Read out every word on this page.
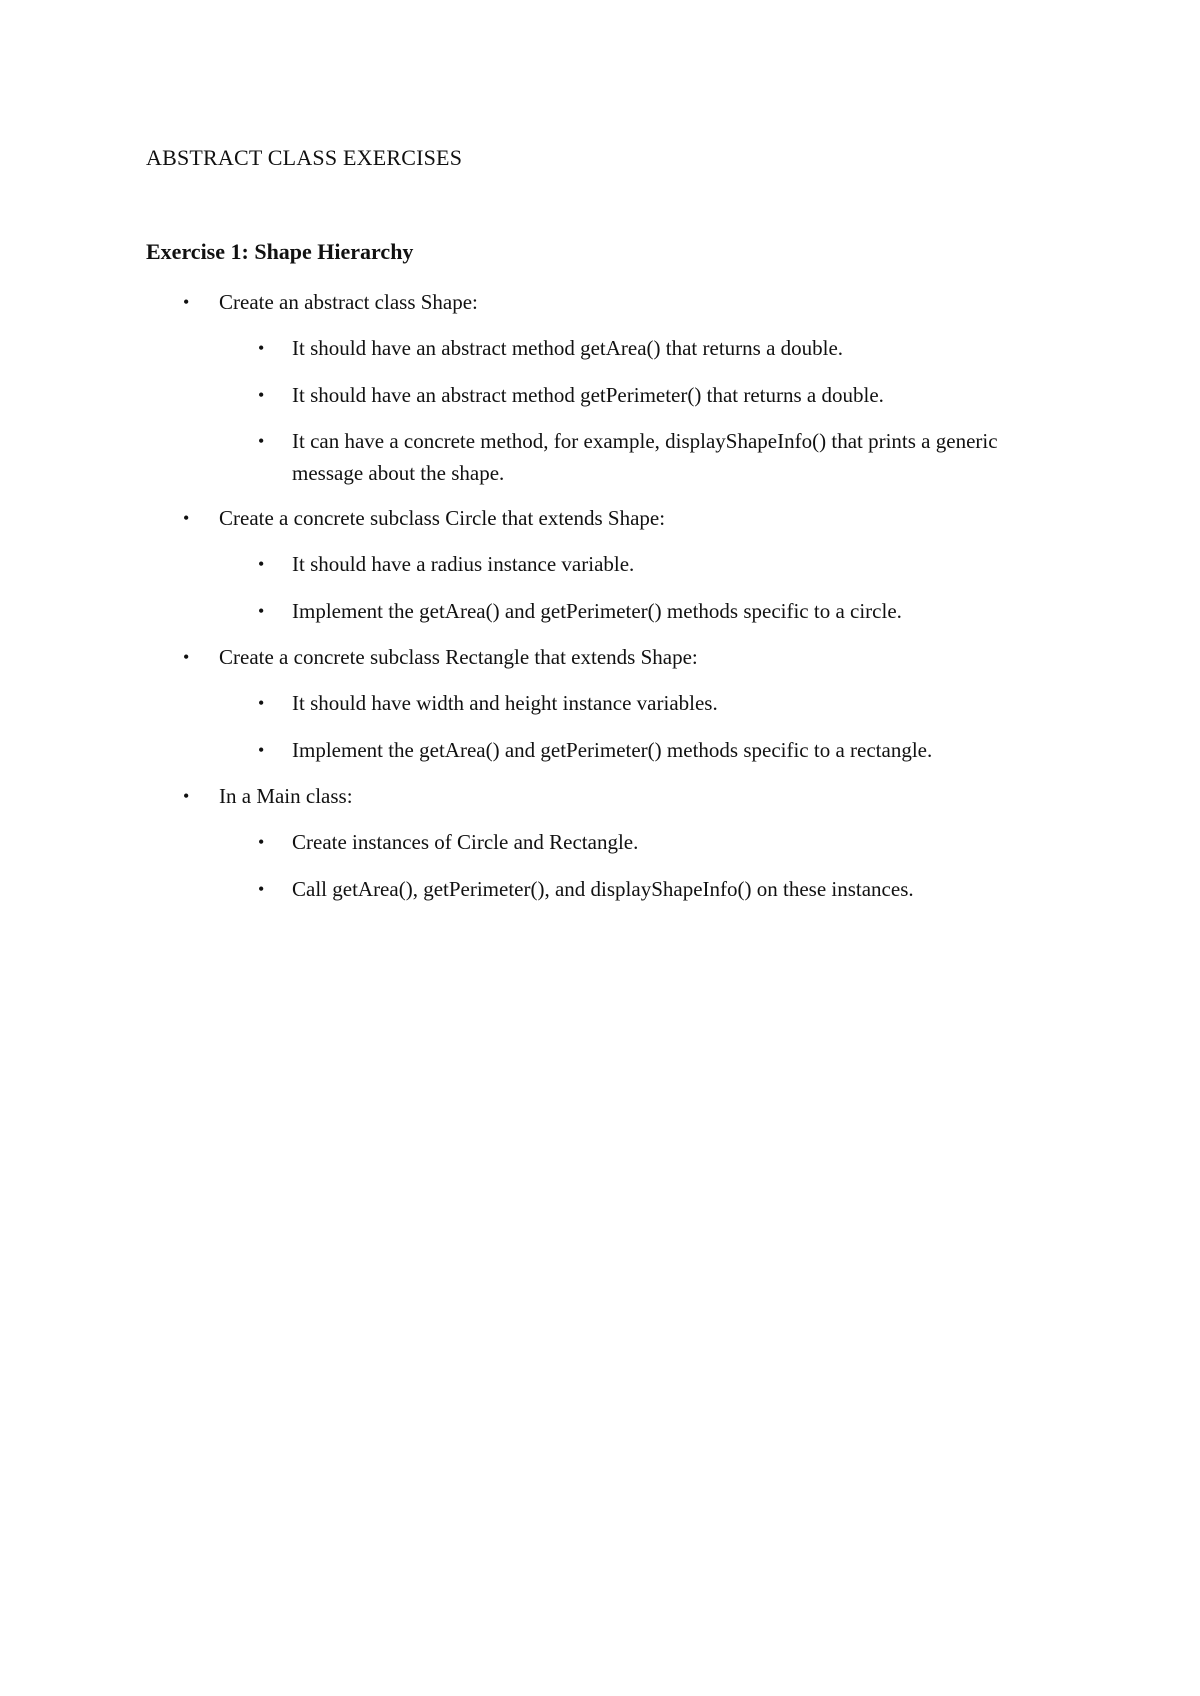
ABSTRACT CLASS EXERCISES
Exercise 1: Shape Hierarchy
• Create an abstract class Shape:
• It should have an abstract method getArea() that returns a double.
• It should have an abstract method getPerimeter() that returns a double.
• It can have a concrete method, for example, displayShapeInfo() that prints a generic message about the shape.
• Create a concrete subclass Circle that extends Shape:
• It should have a radius instance variable.
• Implement the getArea() and getPerimeter() methods specific to a circle.
• Create a concrete subclass Rectangle that extends Shape:
• It should have width and height instance variables.
• Implement the getArea() and getPerimeter() methods specific to a rectangle.
• In a Main class:
• Create instances of Circle and Rectangle.
• Call getArea(), getPerimeter(), and displayShapeInfo() on these instances.
